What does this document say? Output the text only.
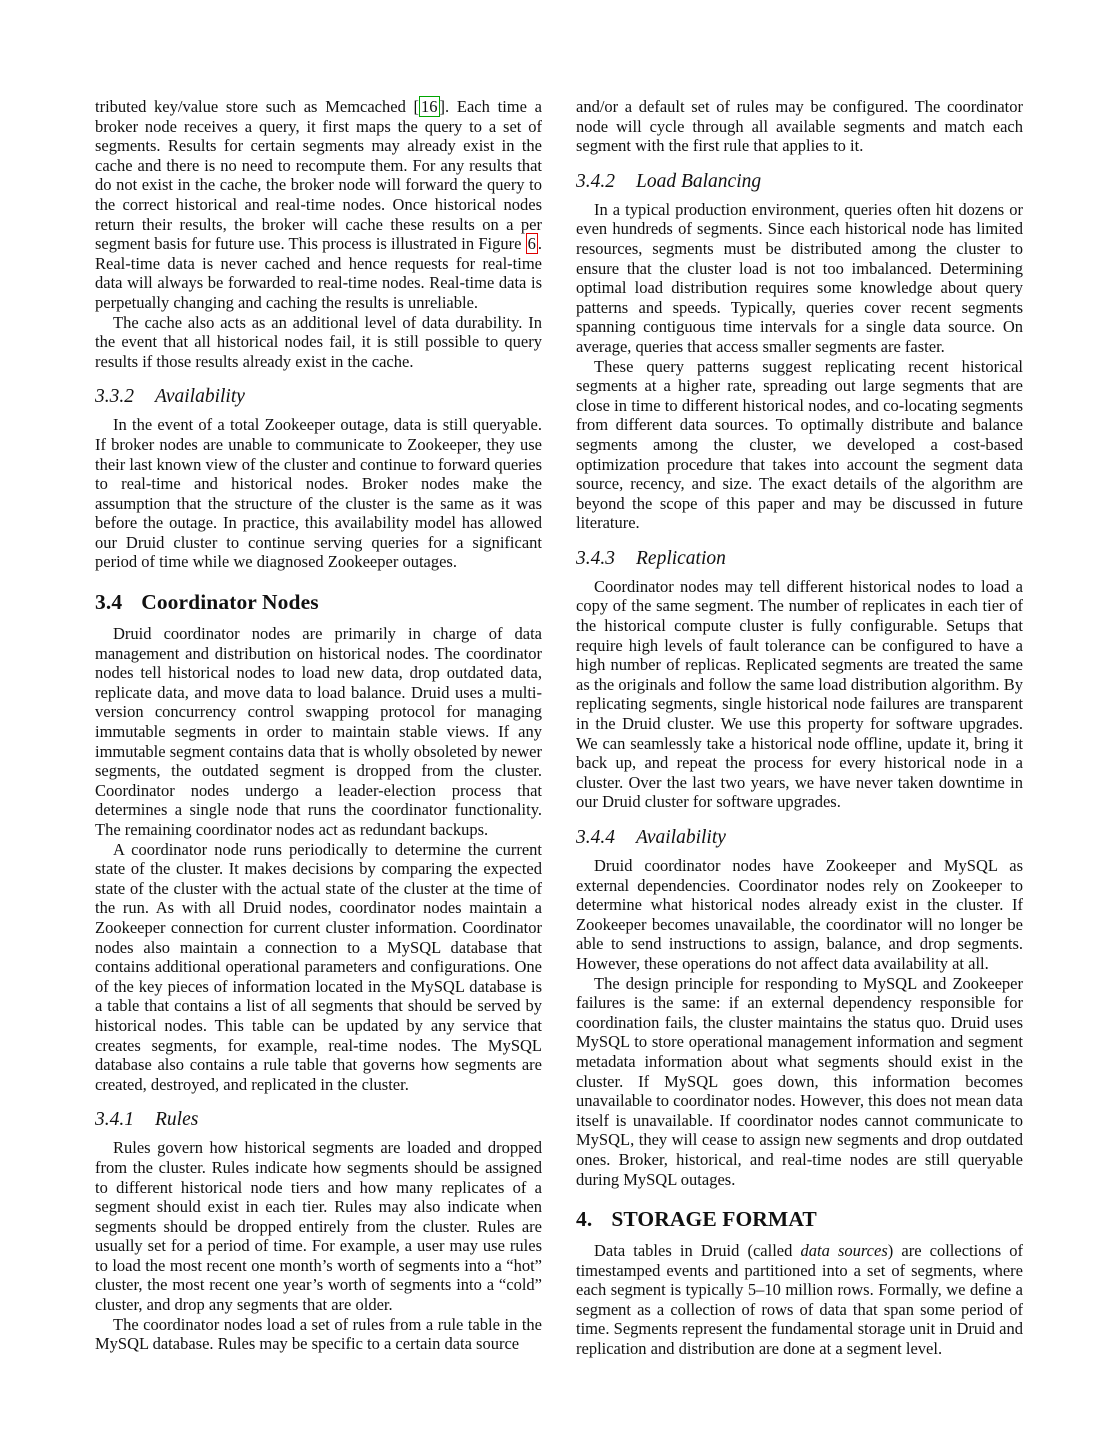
tributed key/value store such as Memcached [ 16 ]. Each time a broker node receives a query, it first maps the query to a set of segments. Results for certain segments may already exist in the cache and there is no need to recompute them. For any results that do not exist in the cache, the broker node will forward the query to the correct historical and real-time nodes. Once historical nodes return their results, the broker will cache these results on a per segment basis for future use. This process is illustrated in Figure 6 . Real-time data is never cached and hence requests for real-time data will always be forwarded to real-time nodes. Real-time data is perpetually changing and caching the results is unreliable.

The cache also acts as an additional level of data durability. In the event that all historical nodes fail, it is still possible to query results if those results already exist in the cache.

3.3.2 Availability

In the event of a total Zookeeper outage, data is still queryable. If broker nodes are unable to communicate to Zookeeper, they use their last known view of the cluster and continue to forward queries to real-time and historical nodes. Broker nodes make the assumption that the structure of the cluster is the same as it was before the outage. In practice, this availability model has allowed our Druid cluster to continue serving queries for a significant period of time while we diagnosed Zookeeper outages.

3.4 Coordinator Nodes

Druid coordinator nodes are primarily in charge of data management and distribution on historical nodes. The coordinator nodes tell historical nodes to load new data, drop outdated data, replicate data, and move data to load balance. Druid uses a multi-version concurrency control swapping protocol for managing immutable segments in order to maintain stable views. If any immutable segment contains data that is wholly obsoleted by newer segments, the outdated segment is dropped from the cluster. Coordinator nodes undergo a leader-election process that determines a single node that runs the coordinator functionality. The remaining coordinator nodes act as redundant backups.

A coordinator node runs periodically to determine the current state of the cluster. It makes decisions by comparing the expected state of the cluster with the actual state of the cluster at the time of the run. As with all Druid nodes, coordinator nodes maintain a Zookeeper connection for current cluster information. Coordinator nodes also maintain a connection to a MySQL database that contains additional operational parameters and configurations. One of the key pieces of information located in the MySQL database is a table that contains a list of all segments that should be served by historical nodes. This table can be updated by any service that creates segments, for example, real-time nodes. The MySQL database also contains a rule table that governs how segments are created, destroyed, and replicated in the cluster.

3.4.1 Rules

Rules govern how historical segments are loaded and dropped from the cluster. Rules indicate how segments should be assigned to different historical node tiers and how many replicates of a segment should exist in each tier. Rules may also indicate when segments should be dropped entirely from the cluster. Rules are usually set for a period of time. For example, a user may use rules to load the most recent one month’s worth of segments into a “hot” cluster, the most recent one year’s worth of segments into a “cold” cluster, and drop any segments that are older.

The coordinator nodes load a set of rules from a rule table in the MySQL database. Rules may be specific to a certain data source

and/or a default set of rules may be configured. The coordinator node will cycle through all available segments and match each segment with the first rule that applies to it.

3.4.2 Load Balancing

In a typical production environment, queries often hit dozens or even hundreds of segments. Since each historical node has limited resources, segments must be distributed among the cluster to ensure that the cluster load is not too imbalanced. Determining optimal load distribution requires some knowledge about query patterns and speeds. Typically, queries cover recent segments spanning contiguous time intervals for a single data source. On average, queries that access smaller segments are faster.

These query patterns suggest replicating recent historical segments at a higher rate, spreading out large segments that are close in time to different historical nodes, and co-locating segments from different data sources. To optimally distribute and balance segments among the cluster, we developed a cost-based optimization procedure that takes into account the segment data source, recency, and size. The exact details of the algorithm are beyond the scope of this paper and may be discussed in future literature.

3.4.3 Replication

Coordinator nodes may tell different historical nodes to load a copy of the same segment. The number of replicates in each tier of the historical compute cluster is fully configurable. Setups that require high levels of fault tolerance can be configured to have a high number of replicas. Replicated segments are treated the same as the originals and follow the same load distribution algorithm. By replicating segments, single historical node failures are transparent in the Druid cluster. We use this property for software upgrades. We can seamlessly take a historical node offline, update it, bring it back up, and repeat the process for every historical node in a cluster. Over the last two years, we have never taken downtime in our Druid cluster for software upgrades.

3.4.4 Availability

Druid coordinator nodes have Zookeeper and MySQL as external dependencies. Coordinator nodes rely on Zookeeper to determine what historical nodes already exist in the cluster. If Zookeeper becomes unavailable, the coordinator will no longer be able to send instructions to assign, balance, and drop segments. However, these operations do not affect data availability at all.

The design principle for responding to MySQL and Zookeeper failures is the same: if an external dependency responsible for coordination fails, the cluster maintains the status quo. Druid uses MySQL to store operational management information and segment metadata information about what segments should exist in the cluster. If MySQL goes down, this information becomes unavailable to coordinator nodes. However, this does not mean data itself is unavailable. If coordinator nodes cannot communicate to MySQL, they will cease to assign new segments and drop outdated ones. Broker, historical, and real-time nodes are still queryable during MySQL outages.

4. STORAGE FORMAT

Data tables in Druid (called data sources) are collections of timestamped events and partitioned into a set of segments, where each segment is typically 5–10 million rows. Formally, we define a segment as a collection of rows of data that span some period of time. Segments represent the fundamental storage unit in Druid and replication and distribution are done at a segment level.
